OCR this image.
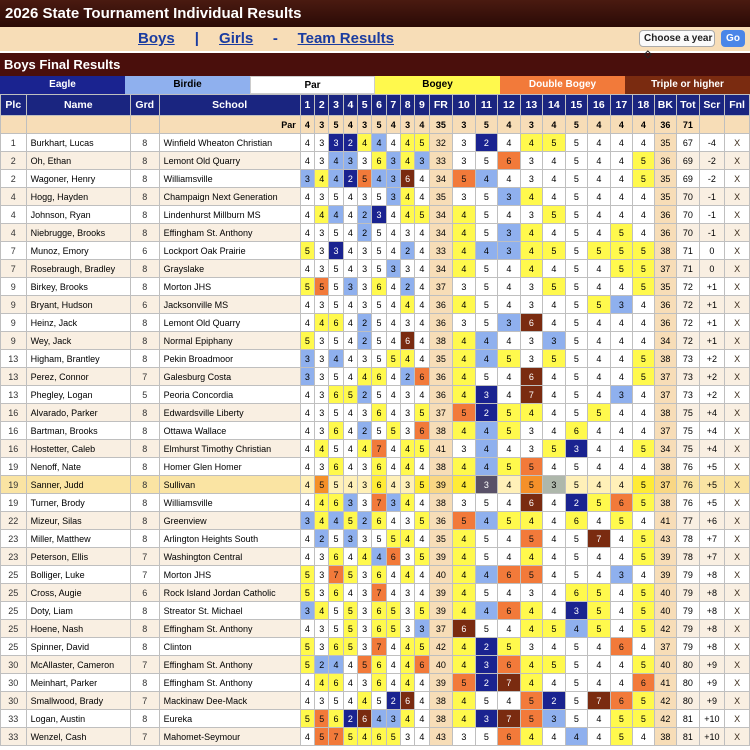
2026 State Tournament Individual Results
Boys | Girls - Team Results	Choose a year ◇
Go
Boys Final Results
Eagle	Birdie	Par	Bogey	Double Bogey	Triple or higher
Plc	Name	Grd	School	1	2	3	4	5	6	7	8	9	FR	10	11	12	13	14	15	16	17	18	BK	Tot	Scr	Fnl
			Par	4	3	5	4	3	5	4	3	4	35	3	5	4	3	4	5	4	4	4	36	71		
1	Burkhart, Lucas	8	Winfield Wheaton Christian	4	3	3	2	4	4	4	4	5	32	3	2	4	4	5	5	4	4	4	35	67	-4	X
2	Oh, Ethan	8	Lemont Old Quarry	4	3	4	3	3	6	3	4	3	33	3	5	6	3	4	5	4	4	5	36	69	-2	X
2	Wagoner, Henry	8	Williamsville	3	4	4	2	5	4	3	6	4	34	5	4	4	3	4	5	4	4	5	35	69	-2	X
4	Hogg, Hayden	8	Champaign Next Generation	4	3	5	4	3	5	3	4	4	35	3	5	3	4	4	5	4	4	4	35	70	-1	X
4	Johnson, Ryan	8	Lindenhurst Millburn MS	4	4	4	4	2	3	4	4	5	34	4	5	4	3	5	5	4	4	4	36	70	-1	X
4	Niebrugge, Brooks	8	Effingham St. Anthony	4	3	5	4	2	5	4	3	4	34	4	5	3	4	4	5	4	5	4	36	70	-1	X
7	Munoz, Emory	6	Lockport Oak Prairie	5	3	3	4	3	5	4	2	4	33	4	4	3	4	5	5	5	5	5	38	71	0	X
7	Rosebraugh, Bradley	8	Grayslake	4	3	5	4	3	5	3	3	4	34	4	5	4	4	4	5	4	5	5	37	71	0	X
9	Birkey, Brooks	8	Morton JHS	5	5	5	3	3	6	4	2	4	37	3	5	4	3	5	5	4	4	5	35	72	+1	X
9	Bryant, Hudson	6	Jacksonville MS	4	3	5	4	3	5	4	4	4	36	4	5	4	3	4	5	5	3	4	36	72	+1	X
9	Heinz, Jack	8	Lemont Old Quarry	4	4	6	4	2	5	4	3	4	36	3	5	3	6	4	5	4	4	4	36	72	+1	X
9	Wey, Jack	8	Normal Epiphany	5	3	5	4	2	5	4	6	4	38	4	4	4	3	3	5	4	4	4	34	72	+1	X
13	Higham, Brantley	8	Pekin Broadmoor	3	3	4	4	3	5	5	4	4	35	4	4	5	3	5	5	4	4	5	38	73	+2	X
13	Perez, Connor	7	Galesburg Costa	3	3	5	4	4	6	4	2	6	36	4	5	4	6	4	5	4	4	5	37	73	+2	X
13	Phegley, Logan	5	Peoria Concordia	4	3	6	5	2	5	4	3	4	36	4	3	4	7	4	5	4	3	4	37	73	+2	X
16	Alvarado, Parker	8	Edwardsville Liberty	4	3	5	4	3	6	4	3	5	37	5	2	5	4	4	5	5	4	4	38	75	+4	X
16	Bartman, Brooks	8	Ottawa Wallace	4	3	6	4	2	5	5	3	6	38	4	4	5	3	4	6	4	4	4	37	75	+4	X
16	Hostetter, Caleb	8	Elmhurst Timothy Christian	4	4	5	4	4	7	4	4	5	41	3	4	4	3	5	3	4	4	5	34	75	+4	X
19	Nenoff, Nate	8	Homer Glen Homer	4	3	6	4	3	6	4	4	4	38	4	4	5	5	4	5	4	4	4	38	76	+5	X
19	Sanner, Judd	8	Sullivan	4	5	5	4	3	6	4	3	5	39	4	3	4	5	3	5	4	4	5	37	76	+5	X
19	Turner, Brody	8	Williamsville	4	4	6	3	3	7	3	4	4	38	3	5	4	6	4	2	5	6	5	38	76	+5	X
22	Mizeur, Silas	8	Greenview	3	4	4	5	2	6	4	3	5	36	5	4	5	4	4	6	4	5	4	41	77	+6	X
23	Miller, Matthew	8	Arlington Heights South	4	2	5	3	3	5	5	4	4	35	4	5	4	5	4	5	7	4	5	43	78	+7	X
23	Peterson, Ellis	7	Washington Central	4	3	6	4	4	4	6	3	5	39	4	5	4	4	4	5	4	4	5	39	78	+7	X
25	Bolliger, Luke	7	Morton JHS	5	3	7	5	3	6	4	4	4	40	4	4	6	5	4	5	4	3	4	39	79	+8	X
25	Cross, Augie	6	Rock Island Jordan Catholic	5	3	6	4	3	7	4	3	4	39	4	5	4	3	4	6	5	4	5	40	79	+8	X
25	Doty, Liam	8	Streator St. Michael	3	4	5	5	3	6	5	3	5	39	4	4	6	4	4	3	5	4	5	40	79	+8	X
25	Hoene, Nash	8	Effingham St. Anthony	4	3	5	5	3	6	5	3	3	37	6	5	4	4	5	4	5	4	5	42	79	+8	X
25	Spinner, David	8	Clinton	5	3	6	5	3	7	4	4	5	42	4	2	5	3	4	5	4	6	4	37	79	+8	X
30	McAllaster, Cameron	7	Effingham St. Anthony	5	2	4	4	5	6	4	4	6	40	4	3	6	4	5	5	4	4	5	40	80	+9	X
30	Meinhart, Parker	8	Effingham St. Anthony	4	4	6	4	3	6	4	4	4	39	5	2	7	4	4	5	4	4	6	41	80	+9	X
30	Smallwood, Brady	7	Mackinaw Dee-Mack	4	3	5	4	4	5	2	6	4	38	4	5	4	5	2	5	7	6	5	42	80	+9	X
33	Logan, Austin	8	Eureka	5	5	6	2	6	4	3	4	4	38	4	3	7	5	3	5	4	5	5	42	81	+10	X
33	Wenzel, Cash	7	Mahomet-Seymour	4	5	7	5	4	6	5	3	4	43	3	5	6	4	4	4	4	5	4	38	81	+10	X
